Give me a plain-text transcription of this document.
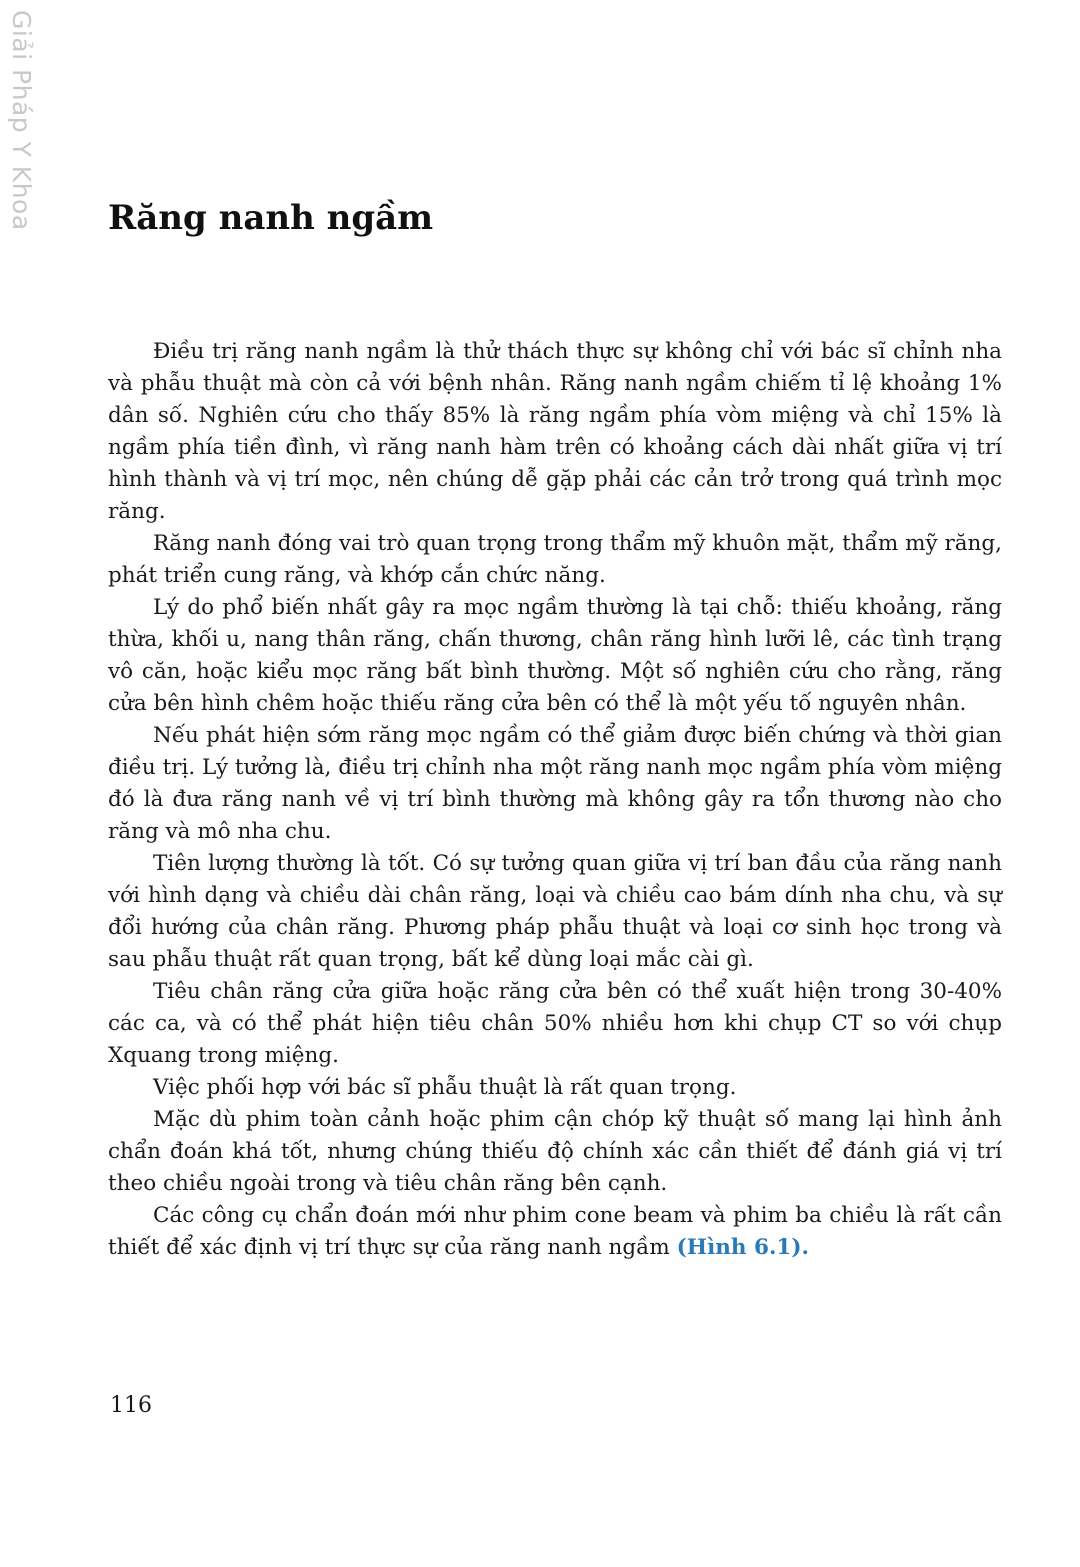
Giải Pháp Y Khoa Răng nanh ngầm

Điều trị răng nanh ngầm là thử thách thực sự không chỉ với bác sĩ chỉnh nha và phẫu thuật mà còn cả với bệnh nhân. Răng nanh ngầm chiếm tỉ lệ khoảng 1% dân số. Nghiên cứu cho thấy 85% là răng ngầm phía vòm miệng và chỉ 15% là ngầm phía tiền đình, vì răng nanh hàm trên có khoảng cách dài nhất giữa vị trí hình thành và vị trí mọc, nên chúng dễ gặp phải các cản trở trong quá trình mọc răng.

Răng nanh đóng vai trò quan trọng trong thẩm mỹ khuôn mặt, thẩm mỹ răng, phát triển cung răng, và khớp cắn chức năng.

Lý do phổ biến nhất gây ra mọc ngầm thường là tại chỗ: thiếu khoảng, răng thừa, khối u, nang thân răng, chấn thương, chân răng hình lưỡi lê, các tình trạng vô căn, hoặc kiểu mọc răng bất bình thường. Một số nghiên cứu cho rằng, răng cửa bên hình chêm hoặc thiếu răng cửa bên có thể là một yếu tố nguyên nhân.

Nếu phát hiện sớm răng mọc ngầm có thể giảm được biến chứng và thời gian điều trị. Lý tưởng là, điều trị chỉnh nha một răng nanh mọc ngầm phía vòm miệng đó là đưa răng nanh về vị trí bình thường mà không gây ra tổn thương nào cho răng và mô nha chu.

Tiên lượng thường là tốt. Có sự tưởng quan giữa vị trí ban đầu của răng nanh với hình dạng và chiều dài chân răng, loại và chiều cao bám dính nha chu, và sự đổi hướng của chân răng. Phương pháp phẫu thuật và loại cơ sinh học trong và sau phẫu thuật rất quan trọng, bất kể dùng loại mắc cài gì.

Tiêu chân răng cửa giữa hoặc răng cửa bên có thể xuất hiện trong 30-40% các ca, và có thể phát hiện tiêu chân 50% nhiều hơn khi chụp CT so với chụp Xquang trong miệng.

Việc phối hợp với bác sĩ phẫu thuật là rất quan trọng.

Mặc dù phim toàn cảnh hoặc phim cận chóp kỹ thuật số mang lại hình ảnh chẩn đoán khá tốt, nhưng chúng thiếu độ chính xác cần thiết để đánh giá vị trí theo chiều ngoài trong và tiêu chân răng bên cạnh.

Các công cụ chẩn đoán mới như phim cone beam và phim ba chiều là rất cần thiết để xác định vị trí thực sự của răng nanh ngầm (Hình 6.1).

116
